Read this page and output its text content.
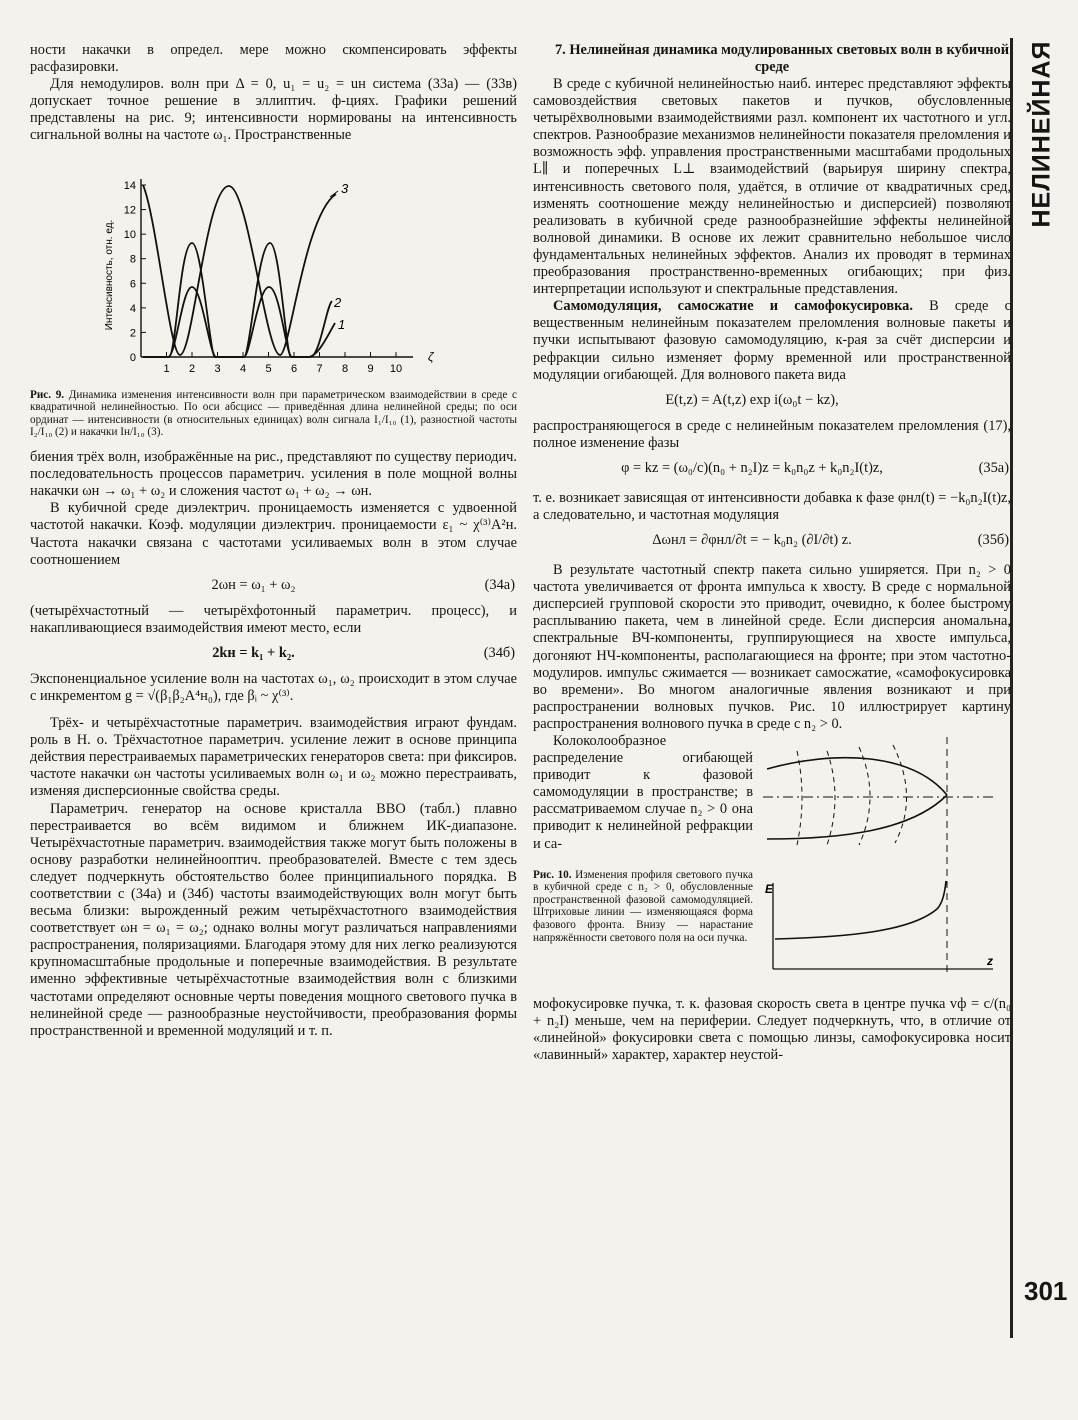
НЕЛИНЕЙНАЯ
301

ности накачки в определ. мере можно скомпенсировать эффекты расфазировки.

Для немодулиров. волн при Δ = 0, u₁ = u₂ = uн система (33а) — (33в) допускает точное решение в эллиптич. ф-циях. Графики решений представлены на рис. 9; интенсивности нормированы на интенсивность сигнальной волны на частоте ω₁. Пространственные

Интенсивность, отн. ед.
0
2
4
6
8
10
12
14
1 2 3 4 5 6 7 8 9 10
ζ
3
2
1
Рис. 9. Динамика изменения интенсивности волн при параметрическом взаимодействии в среде с квадратичной нелинейностью. По оси абсцисс — приведённая длина нелинейной среды; по оси ординат — интенсивности (в относительных единицах) волн сигнала I₁/I₁₀ (1), разностной частоты I₂/I₁₀ (2) и накачки Iн/I₁₀ (3).

биения трёх волн, изображённые на рис., представляют по существу периодич. последовательность процессов параметрич. усиления в поле мощной волны накачки ωн → ω₁ + ω₂ и сложения частот ω₁ + ω₂ → ωн.

В кубичной среде диэлектрич. проницаемость изменяется с удвоенной частотой накачки. Коэф. модуляции диэлектрич. проницаемости ε₁ ~ χ⁽³⁾A²н. Частота накачки связана с частотами усиливаемых волн в этом случае соотношением

2ωн = ω₁ + ω₂	(34а)

(четырёхчастотный — четырёхфотонный параметрич. процесс), и накапливающиеся взаимодействия имеют место, если

2kн = k₁ + k₂.	(34б)

Экспоненциальное усиление волн на частотах ω₁, ω₂ происходит в этом случае с инкрементом g = √(β₁β₂A⁴н₀), где βᵢ ~ χ⁽³⁾.

Трёх- и четырёхчастотные параметрич. взаимодействия играют фундам. роль в Н. о. Трёхчастотное параметрич. усиление лежит в основе принципа действия перестраиваемых параметрических генераторов света: при фиксиров. частоте накачки ωн частоты усиливаемых волн ω₁ и ω₂ можно перестраивать, изменяя дисперсионные свойства среды.

Параметрич. генератор на основе кристалла ВВО (табл.) плавно перестраивается во всём видимом и ближнем ИК-диапазоне. Четырёхчастотные параметрич. взаимодействия также могут быть положены в основу разработки нелинейнооптич. преобразователей. Вместе с тем здесь следует подчеркнуть обстоятельство более принципиального порядка. В соответствии с (34а) и (34б) частоты взаимодействующих волн могут быть весьма близки: вырожденный режим четырёхчастотного взаимодействия соответствует ωн = ω₁ = ω₂; однако волны могут различаться направлениями распространения, поляризациями. Благодаря этому для них легко реализуются крупномасштабные продольные и поперечные взаимодействия. В результате именно эффективные четырёхчастотные взаимодействия волн с близкими частотами определяют основные черты поведения мощного светового пучка в нелинейной среде — разнообразные неустойчивости, преобразования формы пространственной и временной модуляций и т. п.

7. Нелинейная динамика модулированных световых волн в кубичной среде

В среде с кубичной нелинейностью наиб. интерес представляют эффекты самовоздействия световых пакетов и пучков, обусловленные четырёхволновыми взаимодействиями разл. компонент их частотного и угл. спектров. Разнообразие механизмов нелинейности показателя преломления и возможность эфф. управления пространственными масштабами продольных L∥ и поперечных L⊥ взаимодействий (варьируя ширину спектра, интенсивность светового поля, удаётся, в отличие от квадратичных сред, изменять соотношение между нелинейностью и дисперсией) позволяют реализовать в кубичной среде разнообразнейшие эффекты нелинейной волновой динамики. В основе их лежит сравнительно небольшое число фундаментальных нелинейных эффектов. Анализ их проводят в терминах преобразования пространственно-временных огибающих; при физ. интерпретации используют и спектральные представления.

Самомодуляция, самосжатие и самофокусировка. В среде с вещественным нелинейным показателем преломления волновые пакеты и пучки испытывают фазовую самомодуляцию, к-рая за счёт дисперсии и рефракции сильно изменяет форму временной или пространственной модуляции огибающей. Для волнового пакета вида

E(t,z) = A(t,z) exp i(ω₀t − kz),

распространяющегося в среде с нелинейным показателем преломления (17), полное изменение фазы

φ = kz = (ω₀/c)(n₀ + n₂I)z = k₀n₀z + k₀n₂I(t)z,	(35а)

т. е. возникает зависящая от интенсивности добавка к фазе φнл(t) = −k₀n₂I(t)z, а следовательно, и частотная модуляция

Δωнл = ∂φнл/∂t = − k₀n₂ (∂I/∂t) z.	(35б)

В результате частотный спектр пакета сильно уширяется. При n₂ > 0 частота увеличивается от фронта импульса к хвосту. В среде с нормальной дисперсией групповой скорости это приводит, очевидно, к более быстрому расплыванию пакета, чем в линейной среде. Если дисперсия аномальна, спектральные ВЧ-компоненты, группирующиеся на хвосте импульса, догоняют НЧ-компоненты, располагающиеся на фронте; при этом частотно-модулиров. импульс сжимается — возникает самосжатие, «самофокусировка во времени». Во многом аналогичные явления возникают и при распространении волновых пучков. Рис. 10 иллюстрирует картину распространения волнового пучка в среде с n₂ > 0.

Колоколообразное распределение огибающей приводит к фазовой самомодуляции в пространстве; в рассматриваемом случае n₂ > 0 она приводит к нелинейной рефракции и са-

Рис. 10. Изменения профиля светового пучка в кубичной среде с n₂ > 0, обусловленные пространственной фазовой самомодуляцией. Штриховые линии — изменяющаяся форма фазового фронта. Внизу — нарастание напряжённости светового поля на оси пучка.
E
z

мофокусировке пучка, т. к. фазовая скорость света в центре пучка vф = c/(n₀ + n₂I) меньше, чем на периферии. Следует подчеркнуть, что, в отличие от «линейной» фокусировки света с помощью линзы, самофокусировка носит «лавинный» характер, характер неустой-
